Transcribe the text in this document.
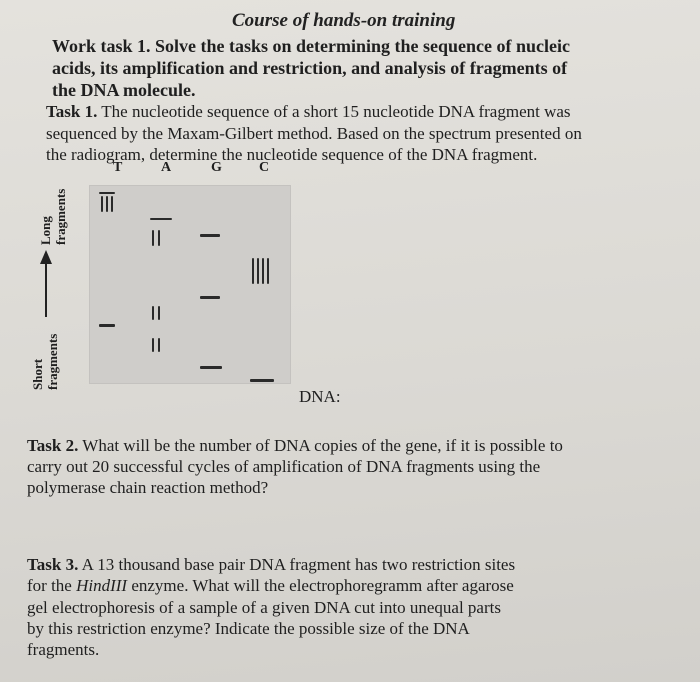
Course of hands-on training
Work task 1. Solve the tasks on determining the sequence of nucleic
acids, its amplification and restriction, and analysis of fragments of
the DNA molecule.
Task 1. The nucleotide sequence of a short 15 nucleotide DNA fragment was
sequenced by the Maxam-Gilbert method. Based on the spectrum presented on
the radiogram, determine the nucleotide sequence of the DNA fragment.
T	A	G	C
Long fragments
Short fragments
DNA:
Task 2. What will be the number of DNA copies of the gene, if it is possible to
carry out 20 successful cycles of amplification of DNA fragments using the
polymerase chain reaction method?
Task 3. A 13 thousand base pair DNA fragment has two restriction sites
for the HindIII enzyme. What will the electrophoregramm after agarose
gel electrophoresis of a sample of a given DNA cut into unequal parts
by this restriction enzyme? Indicate the possible size of the DNA
fragments.
